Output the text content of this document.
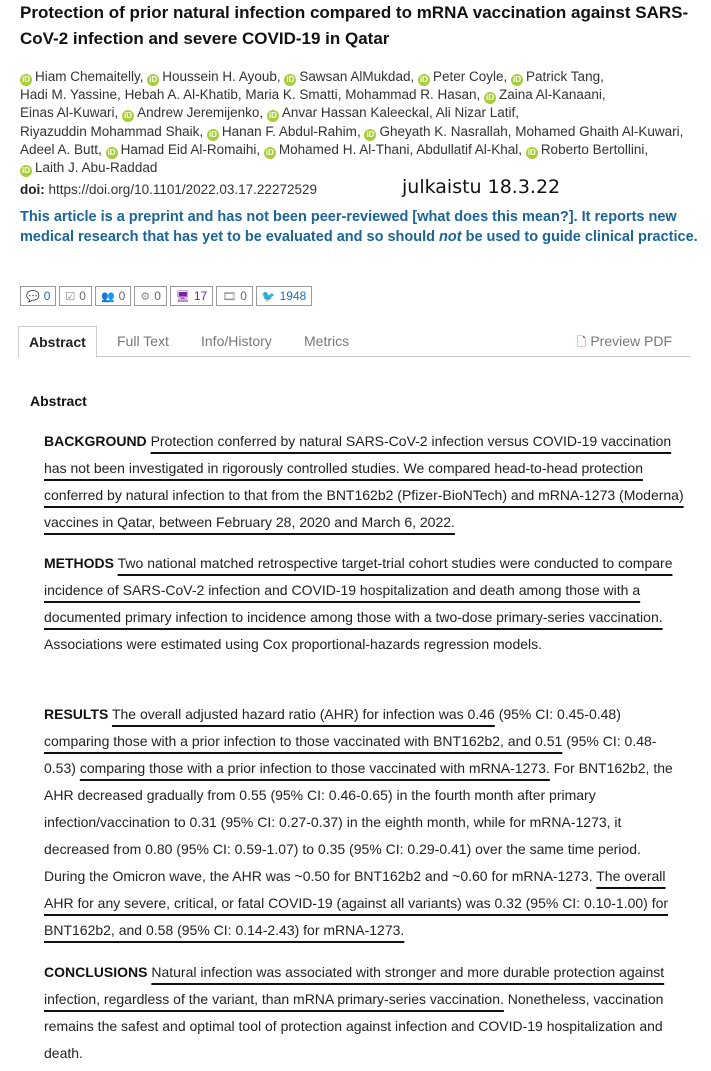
Protection of prior natural infection compared to mRNA vaccination against SARS-CoV-2 infection and severe COVID-19 in Qatar
iD Hiam Chemaitelly, iD Houssein H. Ayoub, iD Sawsan AlMukdad, iD Peter Coyle, iD Patrick Tang, Hadi M. Yassine, Hebah A. Al-Khatib, Maria K. Smatti, Mohammad R. Hasan, iD Zaina Al-Kanaani, Einas Al-Kuwari, iD Andrew Jeremijenko, iD Anvar Hassan Kaleeckal, Ali Nizar Latif, Riyazuddin Mohammad Shaik, iD Hanan F. Abdul-Rahim, iD Gheyath K. Nasrallah, Mohamed Ghaith Al-Kuwari, Adeel A. Butt, iD Hamad Eid Al-Romaihi, iD Mohamed H. Al-Thani, Abdullatif Al-Khal, iD Roberto Bertollini, iD Laith J. Abu-Raddad
doi: https://doi.org/10.1101/2022.03.17.22272529	julkaistu 18.3.22
This article is a preprint and has not been peer-reviewed [what does this mean?]. It reports new medical research that has yet to be evaluated and so should not be used to guide clinical practice.
💬 0 ☑ 0 👥 0 ⚙ 0 🖥 17 🎞 0 🐦 1948
Abstract	Full Text Info/History Metrics	🗋 Preview PDF
Abstract
BACKGROUND Protection conferred by natural SARS-CoV-2 infection versus COVID-19 vaccination has not been investigated in rigorously controlled studies. We compared head-to-head protection conferred by natural infection to that from the BNT162b2 (Pfizer-BioNTech) and mRNA-1273 (Moderna) vaccines in Qatar, between February 28, 2020 and March 6, 2022.
METHODS Two national matched retrospective target-trial cohort studies were conducted to compare incidence of SARS-CoV-2 infection and COVID-19 hospitalization and death among those with a documented primary infection to incidence among those with a two-dose primary-series vaccination. Associations were estimated using Cox proportional-hazards regression models.
RESULTS The overall adjusted hazard ratio (AHR) for infection was 0.46 (95% CI: 0.45-0.48) comparing those with a prior infection to those vaccinated with BNT162b2, and 0.51 (95% CI: 0.48-0.53) comparing those with a prior infection to those vaccinated with mRNA-1273. For BNT162b2, the AHR decreased gradually from 0.55 (95% CI: 0.46-0.65) in the fourth month after primary infection/vaccination to 0.31 (95% CI: 0.27-0.37) in the eighth month, while for mRNA-1273, it decreased from 0.80 (95% CI: 0.59-1.07) to 0.35 (95% CI: 0.29-0.41) over the same time period. During the Omicron wave, the AHR was ~0.50 for BNT162b2 and ~0.60 for mRNA-1273. The overall AHR for any severe, critical, or fatal COVID-19 (against all variants) was 0.32 (95% CI: 0.10-1.00) for BNT162b2, and 0.58 (95% CI: 0.14-2.43) for mRNA-1273.
CONCLUSIONS Natural infection was associated with stronger and more durable protection against infection, regardless of the variant, than mRNA primary-series vaccination. Nonetheless, vaccination remains the safest and optimal tool of protection against infection and COVID-19 hospitalization and death.
